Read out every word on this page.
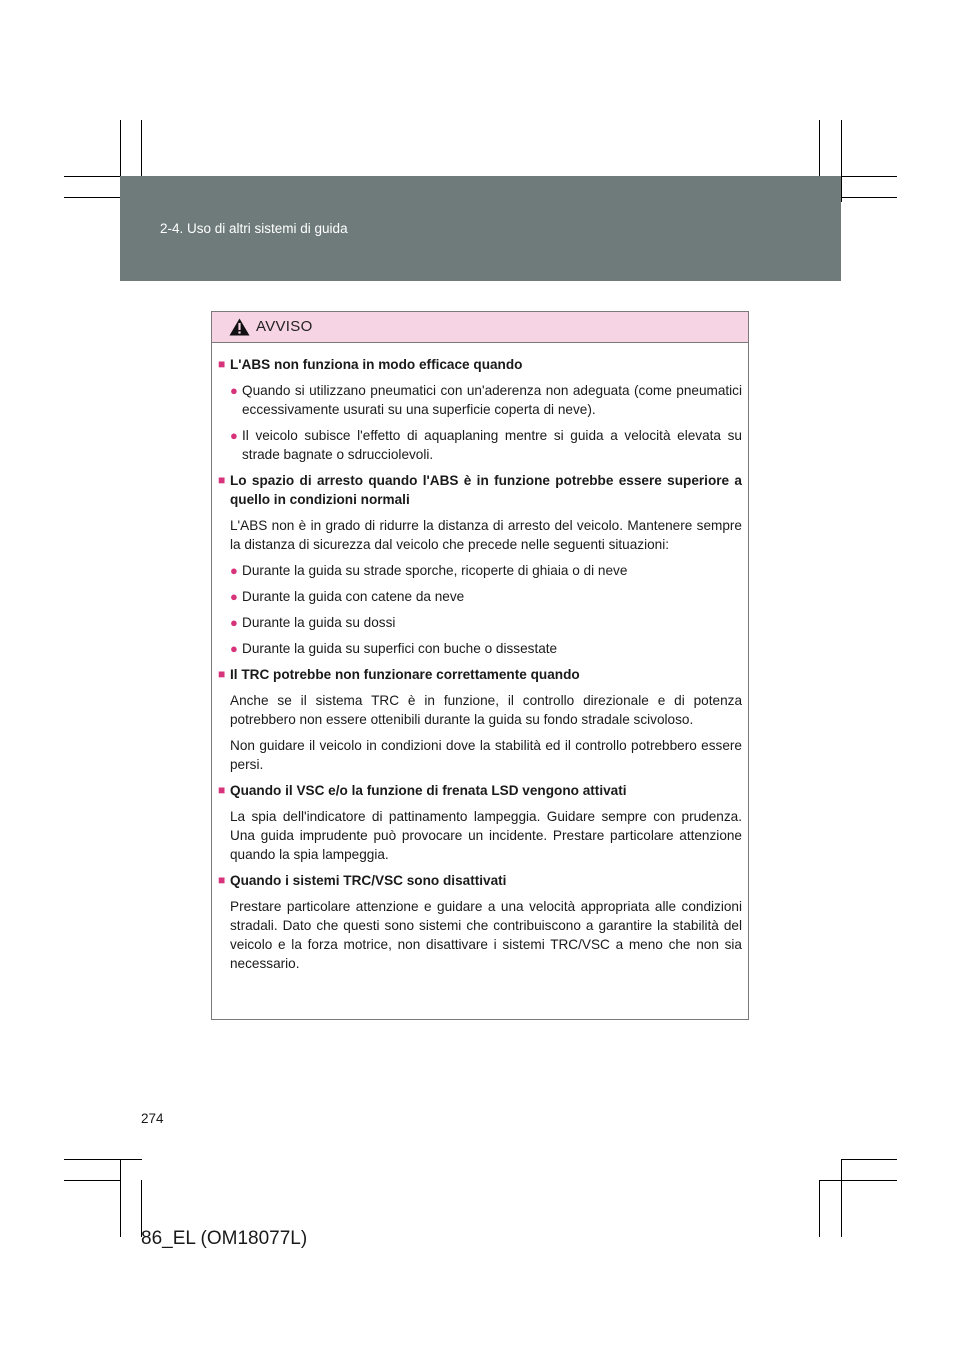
2-4. Uso di altri sistemi di guida
AVVISO
■ L'ABS non funziona in modo efficace quando
● Quando si utilizzano pneumatici con un'aderenza non adeguata (come pneumatici eccessivamente usurati su una superficie coperta di neve).
● Il veicolo subisce l'effetto di aquaplaning mentre si guida a velocità elevata su strade bagnate o sdrucciolevoli.
■ Lo spazio di arresto quando l'ABS è in funzione potrebbe essere superiore a quello in condizioni normali
L'ABS non è in grado di ridurre la distanza di arresto del veicolo. Mantenere sempre la distanza di sicurezza dal veicolo che precede nelle seguenti situazioni:
● Durante la guida su strade sporche, ricoperte di ghiaia o di neve
● Durante la guida con catene da neve
● Durante la guida su dossi
● Durante la guida su superfici con buche o dissestate
■ Il TRC potrebbe non funzionare correttamente quando
Anche se il sistema TRC è in funzione, il controllo direzionale e di potenza potrebbero non essere ottenibili durante la guida su fondo stradale scivoloso.
Non guidare il veicolo in condizioni dove la stabilità ed il controllo potrebbero essere persi.
■ Quando il VSC e/o la funzione di frenata LSD vengono attivati
La spia dell'indicatore di pattinamento lampeggia. Guidare sempre con prudenza. Una guida imprudente può provocare un incidente. Prestare particolare attenzione quando la spia lampeggia.
■ Quando i sistemi TRC/VSC sono disattivati
Prestare particolare attenzione e guidare a una velocità appropriata alle condizioni stradali. Dato che questi sono sistemi che contribuiscono a garantire la stabilità del veicolo e la forza motrice, non disattivare i sistemi TRC/VSC a meno che non sia necessario.
274
86_EL (OM18077L)
